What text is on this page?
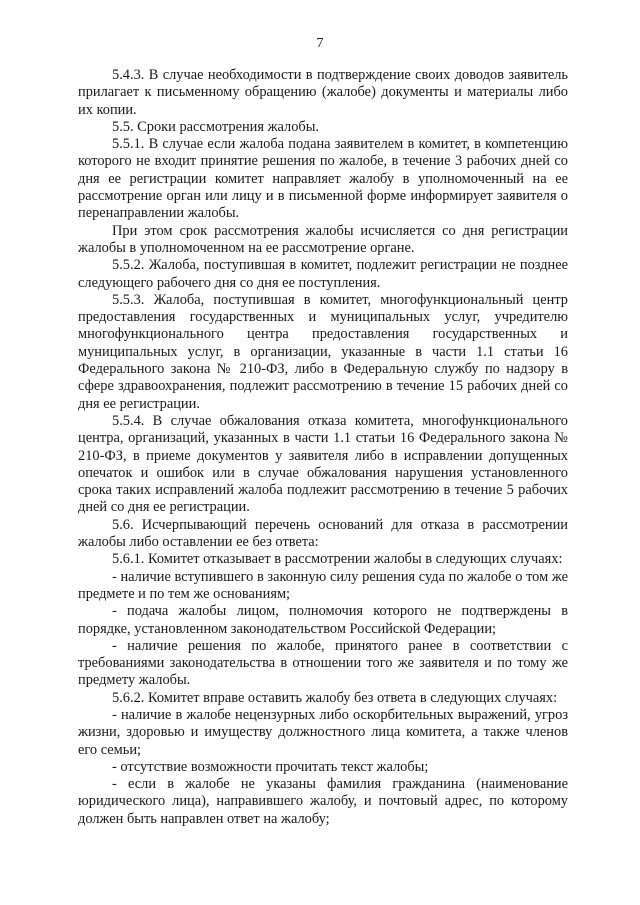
7

5.4.3. В случае необходимости в подтверждение своих доводов заявитель прилагает к письменному обращению (жалобе) документы и материалы либо их копии.

5.5. Сроки рассмотрения жалобы.

5.5.1. В случае если жалоба подана заявителем в комитет, в компетенцию которого не входит принятие решения по жалобе, в течение 3 рабочих дней со дня ее регистрации комитет направляет жалобу в уполномоченный на ее рассмотрение орган или лицу и в письменной форме информирует заявителя о перенаправлении жалобы.

При этом срок рассмотрения жалобы исчисляется со дня регистрации жалобы в уполномоченном на ее рассмотрение органе.

5.5.2. Жалоба, поступившая в комитет, подлежит регистрации не позднее следующего рабочего дня со дня ее поступления.

5.5.3. Жалоба, поступившая в комитет, многофункциональный центр предоставления государственных и муниципальных услуг, учредителю многофункционального центра предоставления государственных и муниципальных услуг, в организации, указанные в части 1.1 статьи 16 Федерального закона № 210-ФЗ, либо в Федеральную службу по надзору в сфере здравоохранения, подлежит рассмотрению в течение 15 рабочих дней со дня ее регистрации.

5.5.4. В случае обжалования отказа комитета, многофункционального центра, организаций, указанных в части 1.1 статьи 16 Федерального закона № 210-ФЗ, в приеме документов у заявителя либо в исправлении допущенных опечаток и ошибок или в случае обжалования нарушения установленного срока таких исправлений жалоба подлежит рассмотрению в течение 5 рабочих дней со дня ее регистрации.

5.6. Исчерпывающий перечень оснований для отказа в рассмотрении жалобы либо оставлении ее без ответа:

5.6.1. Комитет отказывает в рассмотрении жалобы в следующих случаях:

- наличие вступившего в законную силу решения суда по жалобе о том же предмете и по тем же основаниям;

- подача жалобы лицом, полномочия которого не подтверждены в порядке, установленном законодательством Российской Федерации;

- наличие решения по жалобе, принятого ранее в соответствии с требованиями законодательства в отношении того же заявителя и по тому же предмету жалобы.

5.6.2. Комитет вправе оставить жалобу без ответа в следующих случаях:

- наличие в жалобе нецензурных либо оскорбительных выражений, угроз жизни, здоровью и имуществу должностного лица комитета, а также членов его семьи;

- отсутствие возможности прочитать текст жалобы;

- если в жалобе не указаны фамилия гражданина (наименование юридического лица), направившего жалобу, и почтовый адрес, по которому должен быть направлен ответ на жалобу;
